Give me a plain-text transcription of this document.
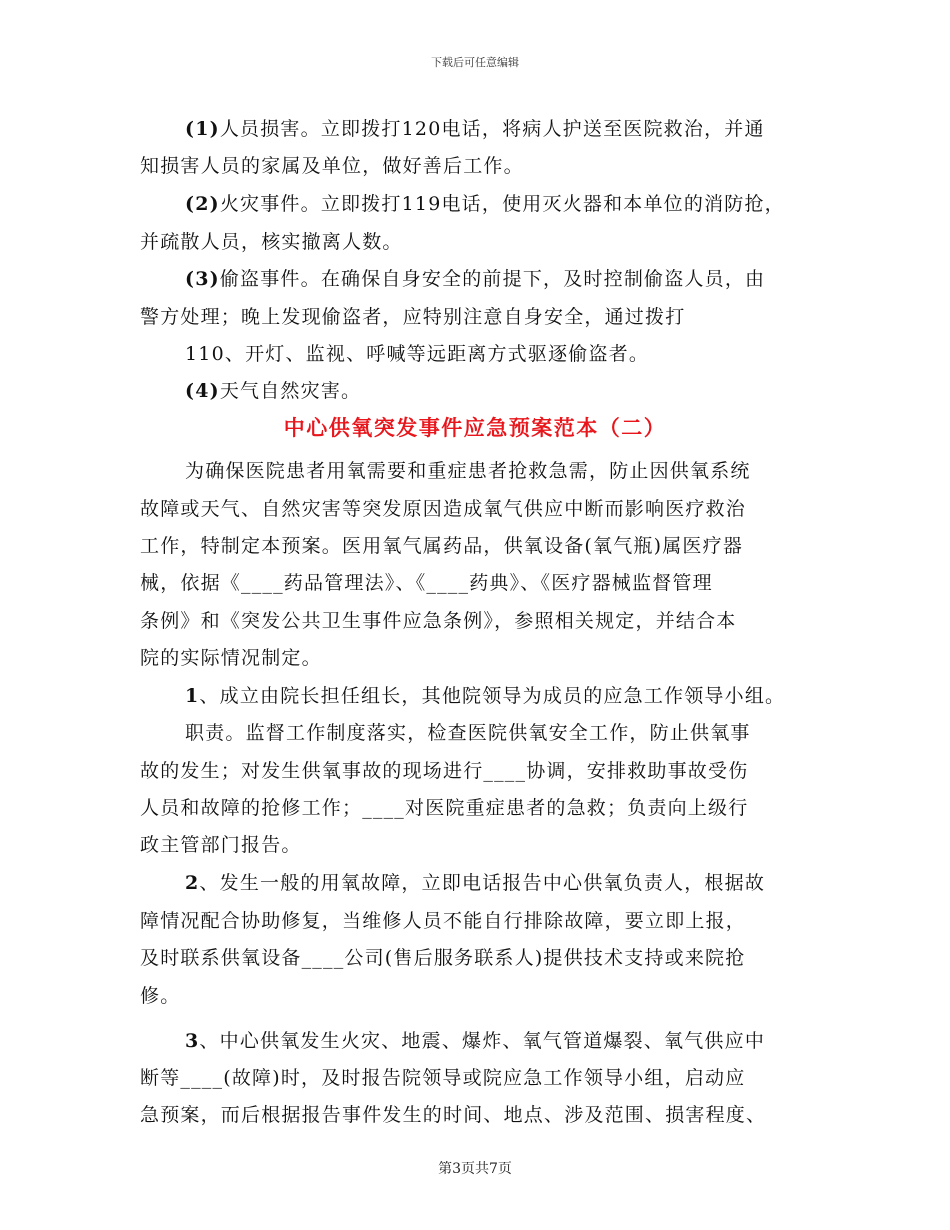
下载后可任意编辑
(1)人员损害。立即拨打120电话，将病人护送至医院救治，并通
知损害人员的家属及单位，做好善后工作。
(2)火灾事件。立即拨打119电话，使用灭火器和本单位的消防抢，
并疏散人员，核实撤离人数。
(3)偷盗事件。在确保自身安全的前提下，及时控制偷盗人员，由
警方处理；晚上发现偷盗者，应特别注意自身安全，通过拨打
110、开灯、监视、呼喊等远距离方式驱逐偷盗者。
(4)天气自然灾害。
中心供氧突发事件应急预案范本（二）
为确保医院患者用氧需要和重症患者抢救急需，防止因供氧系统
故障或天气、自然灾害等突发原因造成氧气供应中断而影响医疗救治
工作，特制定本预案。医用氧气属药品，供氧设备(氧气瓶)属医疗器
械，依据《____药品管理法》、《____药典》、《医疗器械监督管理
条例》和《突发公共卫生事件应急条例》，参照相关规定，并结合本
院的实际情况制定。
1、成立由院长担任组长，其他院领导为成员的应急工作领导小组。
职责。监督工作制度落实，检查医院供氧安全工作，防止供氧事
故的发生；对发生供氧事故的现场进行____协调，安排救助事故受伤
人员和故障的抢修工作；____对医院重症患者的急救；负责向上级行
政主管部门报告。
2、发生一般的用氧故障，立即电话报告中心供氧负责人，根据故
障情况配合协助修复，当维修人员不能自行排除故障，要立即上报，
及时联系供氧设备____公司(售后服务联系人)提供技术支持或来院抢
修。
3、中心供氧发生火灾、地震、爆炸、氧气管道爆裂、氧气供应中
断等____(故障)时，及时报告院领导或院应急工作领导小组，启动应
急预案，而后根据报告事件发生的时间、地点、涉及范围、损害程度、
第3页共7页
